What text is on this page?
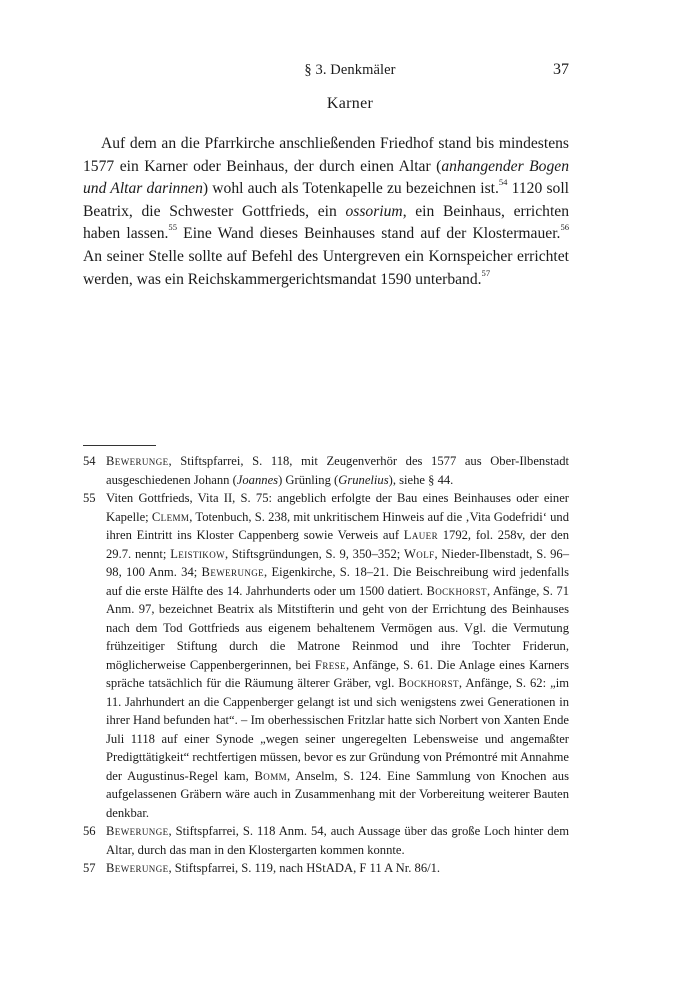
§ 3. Denkmäler	37
Karner

Auf dem an die Pfarrkirche anschließenden Friedhof stand bis mindestens 1577 ein Karner oder Beinhaus, der durch einen Altar (anhangender Bogen und Altar darinnen) wohl auch als Totenkapelle zu bezeichnen ist.$^{54}$ 1120 soll Beatrix, die Schwester Gottfrieds, ein ossorium, ein Beinhaus, errichten haben lassen.$^{55}$ Eine Wand dieses Beinhauses stand auf der Klostermauer.$^{56}$ An seiner Stelle sollte auf Befehl des Untergreven ein Kornspeicher errichtet werden, was ein Reichskammergerichtsmandat 1590 unterband.$^{57}$

54 Bewerunge, Stiftspfarrei, S. 118, mit Zeugenverhör des 1577 aus Ober-Ilbenstadt ausgeschiedenen Johann (Joannes) Grünling (Grunelius), siehe § 44.

55 Viten Gottfrieds, Vita II, S. 75: angeblich erfolgte der Bau eines Beinhauses oder einer Kapelle; Clemm, Totenbuch, S. 238, mit unkritischem Hinweis auf die ‚Vita Godefridi‘ und ihren Eintritt ins Kloster Cappenberg sowie Verweis auf Lauer 1792, fol. 258v, der den 29.7. nennt; Leistikow, Stiftsgründungen, S. 9, 350–352; Wolf, Nieder-Ilbenstadt, S. 96–98, 100 Anm. 34; Bewerunge, Eigenkirche, S. 18–21. Die Beischreibung wird jedenfalls auf die erste Hälfte des 14. Jahrhunderts oder um 1500 datiert. Bockhorst, Anfänge, S. 71 Anm. 97, bezeichnet Beatrix als Mitstifterin und geht von der Errichtung des Beinhauses nach dem Tod Gottfrieds aus eigenem behaltenem Vermögen aus. Vgl. die Vermutung frühzeitiger Stiftung durch die Matrone Reinmod und ihre Tochter Friderun, möglicherweise Cappenbergerinnen, bei Frese, Anfänge, S. 61. Die Anlage eines Karners spräche tatsächlich für die Räumung älterer Gräber, vgl. Bockhorst, Anfänge, S. 62: „im 11. Jahrhundert an die Cappenberger gelangt ist und sich wenigstens zwei Generationen in ihrer Hand befunden hat“. – Im oberhessischen Fritzlar hatte sich Norbert von Xanten Ende Juli 1118 auf einer Synode „wegen seiner ungeregelten Lebensweise und angemaßter Predigttätigkeit“ rechtfertigen müssen, bevor es zur Gründung von Prémontré mit Annahme der Augustinus-Regel kam, Bomm, Anselm, S. 124. Eine Sammlung von Knochen aus aufgelassenen Gräbern wäre auch in Zusammenhang mit der Vorbereitung weiterer Bauten denkbar.

56 Bewerunge, Stiftspfarrei, S. 118 Anm. 54, auch Aussage über das große Loch hinter dem Altar, durch das man in den Klostergarten kommen konnte.

57 Bewerunge, Stiftspfarrei, S. 119, nach HStADA, F 11 A Nr. 86/1.
